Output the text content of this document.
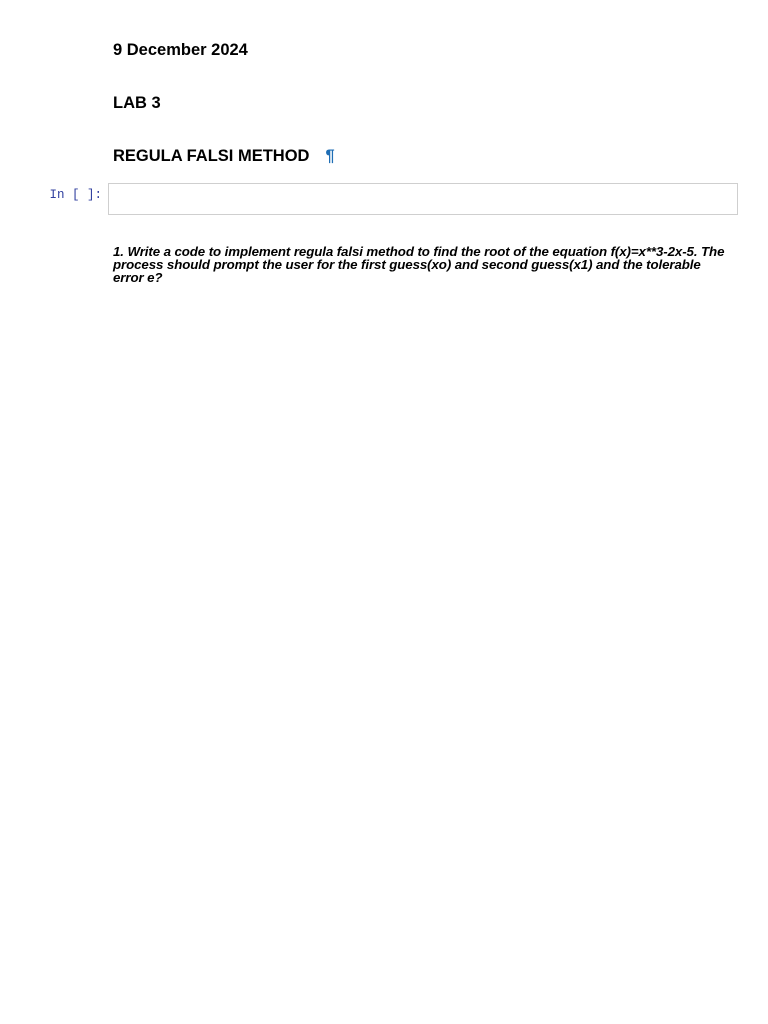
9 December 2024
LAB 3
REGULA FALSI METHOD ¶
In [ ]:
1. Write a code to implement regula falsi method to find the root of the equation f(x)=x**3-2x-5. The process should prompt the user for the first guess(xo) and second guess(x1) and the tolerable error e?
